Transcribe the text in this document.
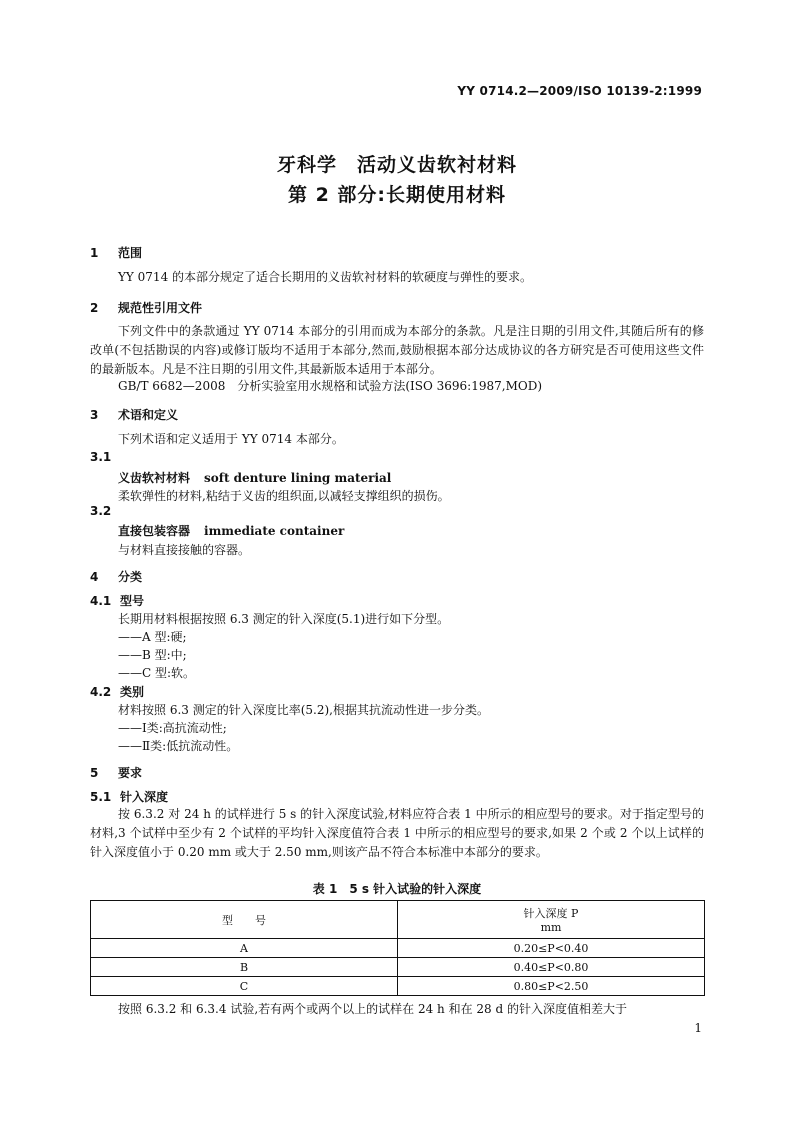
YY 0714.2—2009/ISO 10139-2:1999
牙科学　活动义齿软衬材料
第 2 部分:长期使用材料
1 范围
YY 0714 的本部分规定了适合长期用的义齿软衬材料的软硬度与弹性的要求。
2 规范性引用文件
下列文件中的条款通过 YY 0714 本部分的引用而成为本部分的条款。凡是注日期的引用文件,其随后所有的修改单(不包括勘误的内容)或修订版均不适用于本部分,然而,鼓励根据本部分达成协议的各方研究是否可使用这些文件的最新版本。凡是不注日期的引用文件,其最新版本适用于本部分。
GB/T 6682—2008　分析实验室用水规格和试验方法(ISO 3696:1987,MOD)
3 术语和定义
下列术语和定义适用于 YY 0714 本部分。
3.1
义齿软衬材料 soft denture lining material
柔软弹性的材料,粘结于义齿的组织面,以减轻支撑组织的损伤。
3.2
直接包装容器 immediate container
与材料直接接触的容器。
4 分类
4.1 型号
长期用材料根据按照 6.3 测定的针入深度(5.1)进行如下分型。
——A 型:硬;
——B 型:中;
——C 型:软。
4.2 类别
材料按照 6.3 测定的针入深度比率(5.2),根据其抗流动性进一步分类。
——Ⅰ类:高抗流动性;
——Ⅱ类:低抗流动性。
5 要求
5.1 针入深度
按 6.3.2 对 24 h 的试样进行 5 s 的针入深度试验,材料应符合表 1 中所示的相应型号的要求。对于指定型号的材料,3 个试样中至少有 2 个试样的平均针入深度值符合表 1 中所示的相应型号的要求,如果 2 个或 2 个以上试样的针入深度值小于 0.20 mm 或大于 2.50 mm,则该产品不符合本标准中本部分的要求。
表 1　5 s 针入试验的针入深度
型　　号	针入深度 P
mm

A	0.20≤P<0.40
B	0.40≤P<0.80
C	0.80≤P<2.50
按照 6.3.2 和 6.3.4 试验,若有两个或两个以上的试样在 24 h 和在 28 d 的针入深度值相差大于
1
